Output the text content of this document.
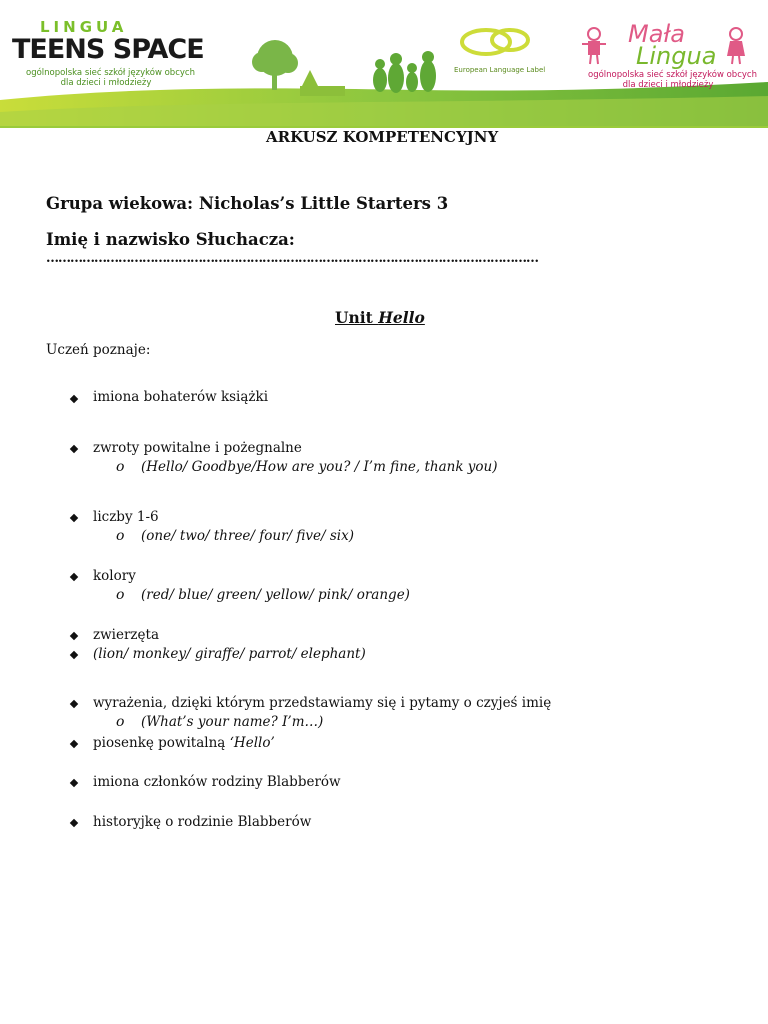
LINGUA
TEENS SPACE
ogólnopolska sieć szkół języków obcych
dla dzieci i młodzieży
European Language Label
Mała
Lingua
ogólnopolska sieć szkół języków obcych
dla dzieci i młodzieży
ARKUSZ KOMPETENCYJNY
Grupa wiekowa: Nicholas’s Little Starters 3
Imię i nazwisko Słuchacza:
……………………………………………………………………………………………………………
Unit Hello
Uczeń poznaje:
imiona bohaterów książki
zwroty powitalne i pożegnalne
o (Hello/ Goodbye/How are you? / I’m fine, thank you)
liczby 1-6
o (one/ two/ three/ four/ five/ six)
kolory
o (red/ blue/ green/ yellow/ pink/ orange)
zwierzęta
(lion/ monkey/ giraffe/ parrot/ elephant)
wyrażenia, dzięki którym przedstawiamy się i pytamy o czyjeś imię
o (What’s your name? I’m…)
piosenkę powitalną ‘Hello’
imiona członków rodziny Blabberów
historyjkę o rodzinie Blabberów
